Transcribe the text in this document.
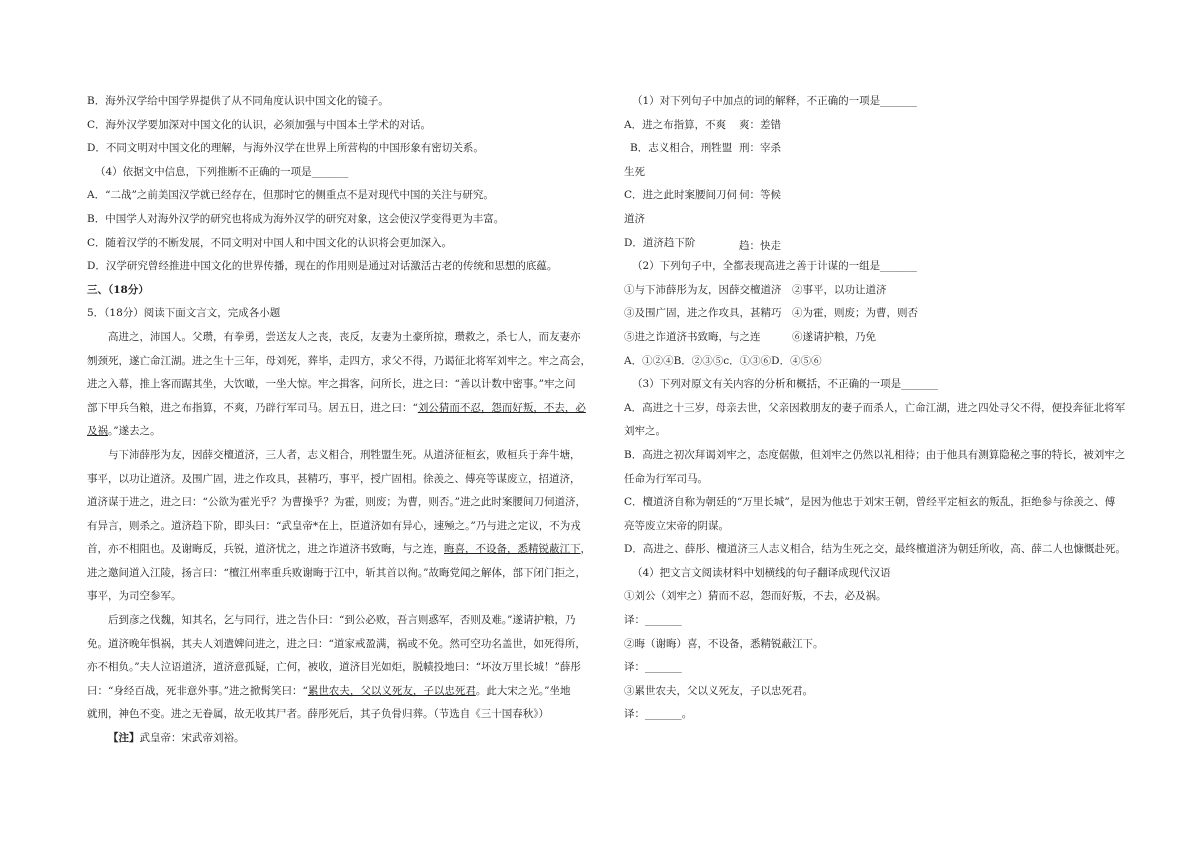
B．海外汉学给中国学界提供了从不同角度认识中国文化的镜子。
C．海外汉学要加深对中国文化的认识，必须加强与中国本土学术的对话。
D．不同文明对中国文化的理解，与海外汉学在世界上所营构的中国形象有密切关系。
（4）依据文中信息，下列推断不正确的一项是_______
A．“二战”之前美国汉学就已经存在，但那时它的侧重点不是对现代中国的关注与研究。
B．中国学人对海外汉学的研究也将成为海外汉学的研究对象，这会使汉学变得更为丰富。
C．随着汉学的不断发展，不同文明对中国人和中国文化的认识将会更加深入。
D．汉学研究曾经推进中国文化的世界传播，现在的作用则是通过对话激活古老的传统和思想的底蕴。
三、（18分）
5．（18分）阅读下面文言文，完成各小题
高进之，沛国人。父瓒，有拳勇，尝送友人之丧，丧反，友妻为土豪所掠，瓒救之，杀七人，而友妻亦
刎颈死，遂亡命江湖。进之生十三年，母刘死，葬毕，走四方，求父不得，乃谒征北将军刘牢之。牢之高会，
进之入幕，推上客而踞其坐，大饮噉，一坐大惊。牢之揖客，问所长，进之曰：“善以计数中密事。”牢之问
部下甲兵刍粮，进之布指算，不爽，乃辟行军司马。居五日，进之曰：“刘公猜而不忍，怨而好叛，不去，必
及祸。”遂去之。
与下沛薛彤为友，因薛交檀道济，三人者，志义相合，刑牲盟生死。从道济征桓玄，败桓兵于奔牛塘，
事平，以功让道济。及围广固，进之作攻具，甚精巧，事平，授广固相。徐羡之、傅亮等谋废立，招道济，
道济谋于进之，进之曰：“公欲为霍光乎？为曹操乎？为霍，则废；为曹，则否。”进之此时案腰间刀伺道济，
有异言，则杀之。道济趋下阶，即头曰：“武皇帝*在上，臣道济如有异心，速殛之。”乃与进之定议，不为戎
首，亦不相阻也。及谢晦反，兵锐，道济忧之，进之诈道济书致晦，与之连，晦喜，不设备，悉精锐蔽江下，
进之邀间道入江陵，扬言曰：“檀江州率重兵败谢晦于江中，斩其首以徇。”故晦党闻之解体，部下闭门拒之，
事平，为司空参军。
后到彦之伐魏，知其名，乞与同行，进之告仆曰：“到公必败，吾言则惑军，否则及难。”遂请护粮，乃
免。道济晚年惧祸，其夫人刘遣婢问进之，进之曰：“道家戒盈满，祸或不免。然可空功名盖世，如死得所，
亦不相负。”夫人泣语道济，道济意孤疑，亡何，被收，道济目光如炬，脱帻投地曰：“坏汝万里长城！”薛彤
曰：“身经百战，死非意外事。”进之掀髯笑曰：“累世农夫，父以义死友，子以忠死君。此大宋之光。”坐地
就刑，神色不变。进之无眷属，故无收其尸者。薛彤死后，其子负骨归葬。（节选自《三十国春秋》）
【注】武皇帝：宋武帝刘裕。
（1）对下列句子中加点的词的解释，不正确的一项是_______
A．进之布指算，不爽 爽：差错
B．志义相合，刑牲盟 刑：宰杀
生死
C．进之此时案腰间刀伺 伺：等候
道济
D．道济趋下阶	趋：快走
（2）下列句子中，全都表现高进之善于计谋的一组是_______
①与下沛薛彤为友，因薛交檀道济　②事平，以功让道济
③及围广固，进之作攻具，甚精巧　④为霍，则废；为曹，则否
⑤进之诈道济书致晦，与之连　　　⑥遂请护粮，乃免
A．①②④B．②③⑤c．①③⑥D．④⑤⑥
（3）下列对原文有关内容的分析和概括，不正确的一项是_______
A．高进之十三岁，母亲去世，父亲因救朋友的妻子而杀人，亡命江湖，进之四处寻父不得，便投奔征北将军
刘牢之。
B．高进之初次拜谒刘牢之，态度倨傲，但刘牢之仍然以礼相待；由于他具有测算隐秘之事的特长，被刘牢之
任命为行军司马。
C．檀道济自称为朝廷的“万里长城”，是因为他忠于刘宋王朝，曾经平定桓玄的叛乱，拒绝参与徐羡之、傅
亮等废立宋帝的阴谋。
D．高进之、薛彤、檀道济三人志义相合，结为生死之交，最终檀道济为朝廷所收，高、薛二人也慷慨赴死。
（4）把文言文阅读材料中划横线的句子翻译成现代汉语
①刘公（刘牢之）猜而不忍，怨而好叛，不去，必及祸。
译：_______
②晦（谢晦）喜，不设备，悉精锐蔽江下。
译：_______
③累世农夫，父以义死友，子以忠死君。
译：_______。
